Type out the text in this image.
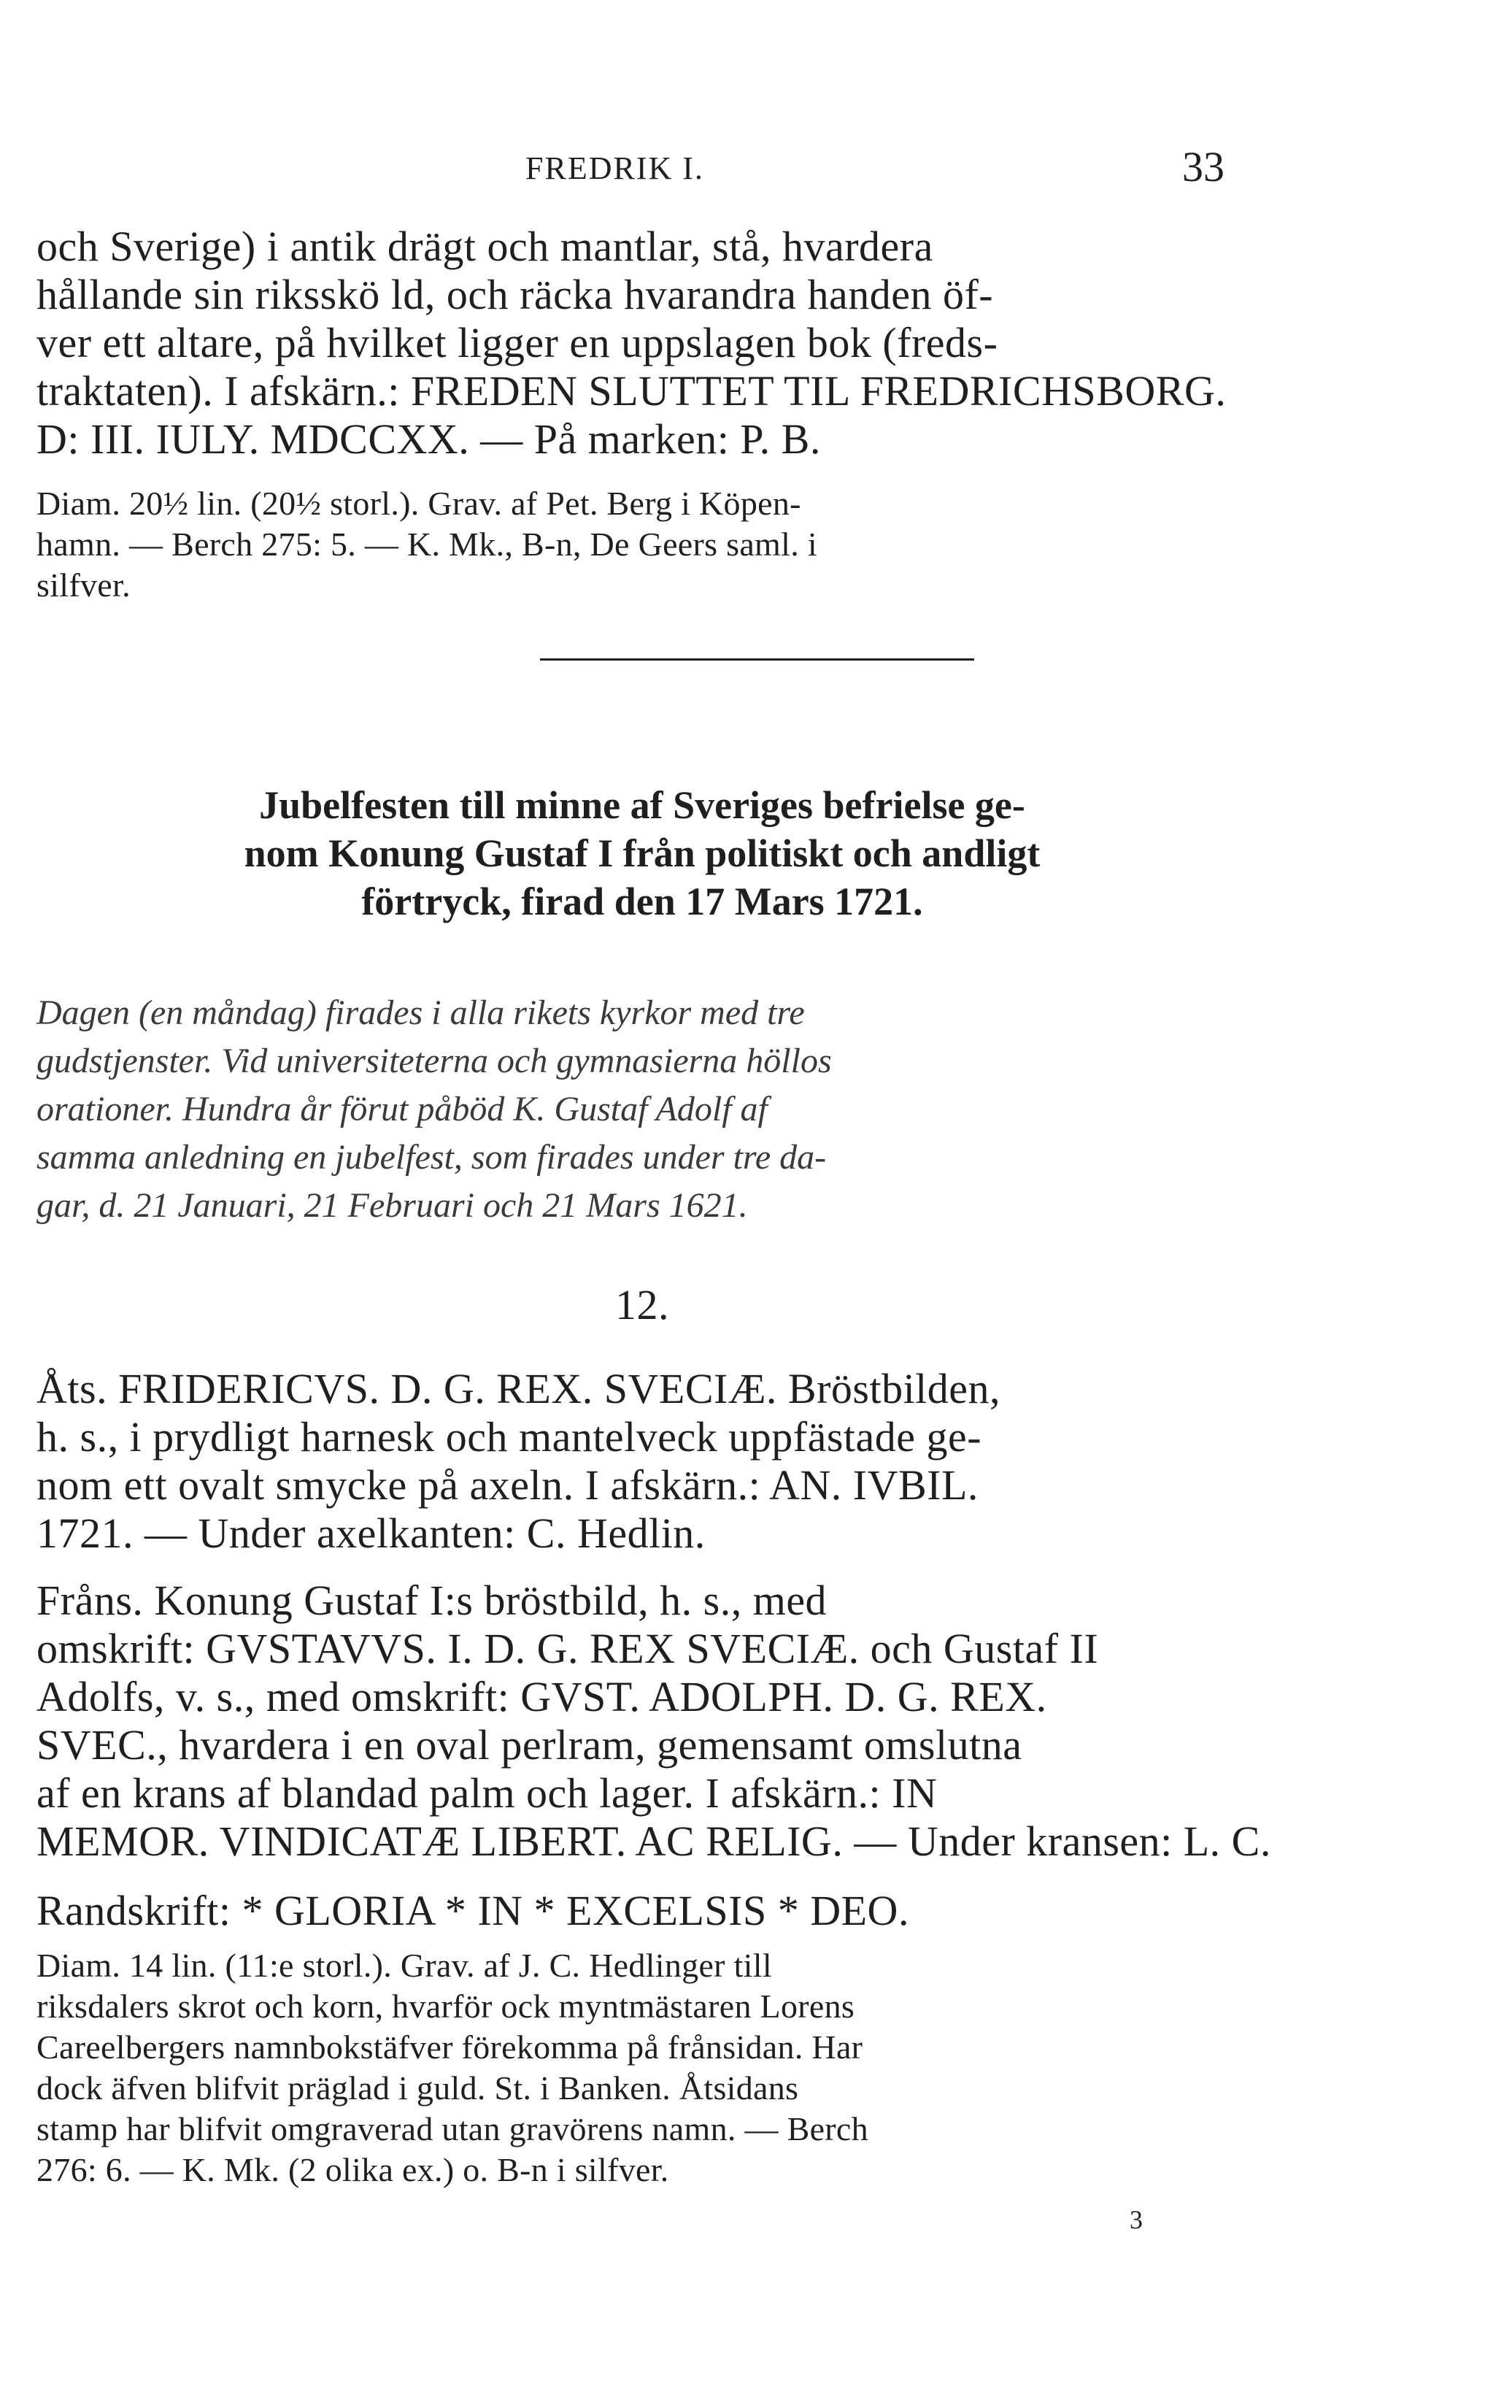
FREDRIK I.	33
och Sverige) i antik drägt och mantlar, stå, hvardera
hållande sin riksskö ld, och räcka hvarandra handen öf-
ver ett altare, på hvilket ligger en uppslagen bok (freds-
traktaten). I afskärn.: FREDEN SLUTTET TIL FREDRICHSBORG.
D: III. IULY. MDCCXX. — På marken: P. B.
Diam. 20½ lin. (20½ storl.). Grav. af Pet. Berg i Köpen-
hamn. — Berch 275: 5. — K. Mk., B-n, De Geers saml. i
silfver.
Jubelfesten till minne af Sveriges befrielse ge-
nom Konung Gustaf I från politiskt och andligt
förtryck, firad den 17 Mars 1721.
Dagen (en måndag) firades i alla rikets kyrkor med tre
gudstjenster. Vid universiteterna och gymnasierna höllos
orationer. Hundra år förut påböd K. Gustaf Adolf af
samma anledning en jubelfest, som firades under tre da-
gar, d. 21 Januari, 21 Februari och 21 Mars 1621.
12.
Åts. FRIDERICVS. D. G. REX. SVECIÆ. Bröstbilden,
h. s., i prydligt harnesk och mantelveck uppfästade ge-
nom ett ovalt smycke på axeln. I afskärn.: AN. IVBIL.
1721. — Under axelkanten: C. Hedlin.
Fråns. Konung Gustaf I:s bröstbild, h. s., med
omskrift: GVSTAVVS. I. D. G. REX SVECIÆ. och Gustaf II
Adolfs, v. s., med omskrift: GVST. ADOLPH. D. G. REX.
SVEC., hvardera i en oval perlram, gemensamt omslutna
af en krans af blandad palm och lager. I afskärn.: IN
MEMOR. VINDICATÆ LIBERT. AC RELIG. — Under kransen: L. C.
Randskrift: * GLORIA * IN * EXCELSIS * DEO.
Diam. 14 lin. (11:e storl.). Grav. af J. C. Hedlinger till
riksdalers skrot och korn, hvarför ock myntmästaren Lorens
Careelbergers namnbokstäfver förekomma på frånsidan. Har
dock äfven blifvit präglad i guld. St. i Banken. Åtsidans
stamp har blifvit omgraverad utan gravörens namn. — Berch
276: 6. — K. Mk. (2 olika ex.) o. B-n i silfver.
3
